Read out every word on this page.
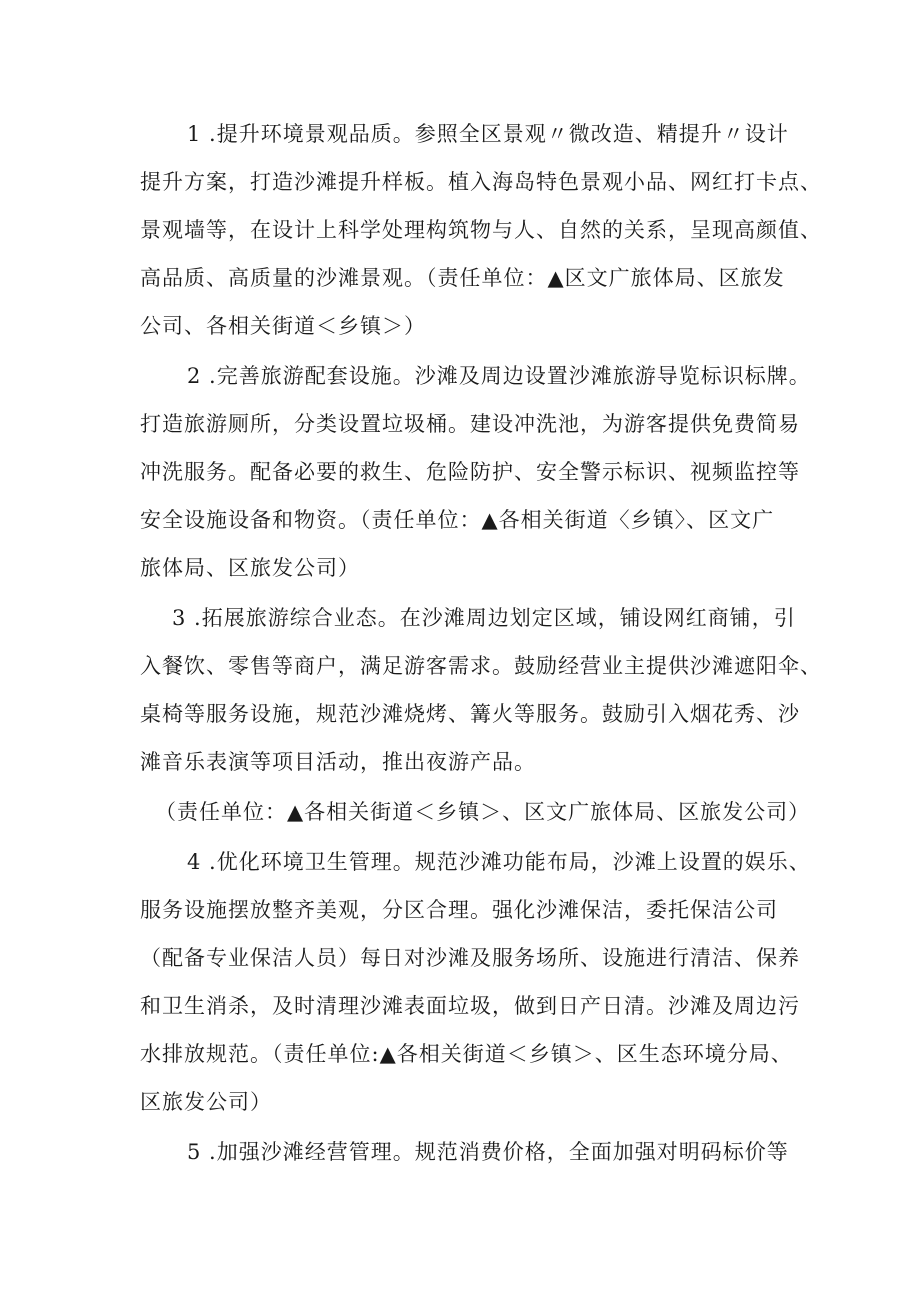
1 .提升环境景观品质。参照全区景观〃微改造、精提升〃设计
提升方案，打造沙滩提升样板。植入海岛特色景观小品、网红打卡点、
景观墙等，在设计上科学处理构筑物与人、自然的关系，呈现高颜值、
高品质、高质量的沙滩景观。（责任单位：▲区文广旅体局、区旅发
公司、各相关街道＜乡镇＞）
2 .完善旅游配套设施。沙滩及周边设置沙滩旅游导览标识标牌。
打造旅游厕所，分类设置垃圾桶。建设冲洗池，为游客提供免费简易
冲洗服务。配备必要的救生、危险防护、安全警示标识、视频监控等
安全设施设备和物资。（责任单位：▲各相关街道〈乡镇〉、区文广
旅体局、区旅发公司）
3 .拓展旅游综合业态。在沙滩周边划定区域，铺设网红商铺，引
入餐饮、零售等商户，满足游客需求。鼓励经营业主提供沙滩遮阳伞、
桌椅等服务设施，规范沙滩烧烤、篝火等服务。鼓励引入烟花秀、沙
滩音乐表演等项目活动，推出夜游产品。
（责任单位：▲各相关街道＜乡镇＞、区文广旅体局、区旅发公司）
4 .优化环境卫生管理。规范沙滩功能布局，沙滩上设置的娱乐、
服务设施摆放整齐美观，分区合理。强化沙滩保洁，委托保洁公司
（配备专业保洁人员）每日对沙滩及服务场所、设施进行清洁、保养
和卫生消杀，及时清理沙滩表面垃圾，做到日产日清。沙滩及周边污
水排放规范。（责任单位:▲各相关街道＜乡镇＞、区生态环境分局、
区旅发公司）
5 .加强沙滩经营管理。规范消费价格，全面加强对明码标价等
